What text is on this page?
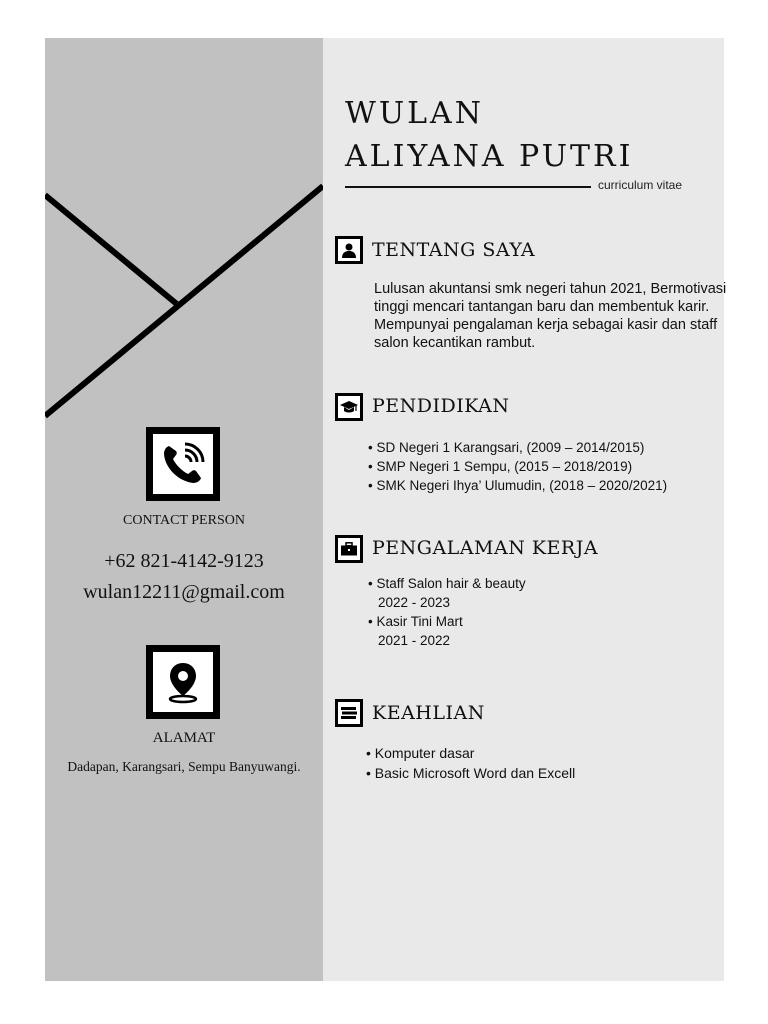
CONTACT PERSON
+62 821-4142-9123
wulan12211@gmail.com
ALAMAT
Dadapan, Karangsari, Sempu Banyuwangi.
WULAN
ALIYANA PUTRI
curriculum vitae
TENTANG SAYA
Lulusan akuntansi smk negeri tahun 2021, Bermotivasi tinggi mencari tantangan baru dan membentuk karir. Mempunyai pengalaman kerja sebagai kasir dan staff salon kecantikan rambut.
PENDIDIKAN
• SD Negeri 1 Karangsari, (2009 – 2014/2015)
• SMP Negeri 1 Sempu, (2015 – 2018/2019)
• SMK Negeri Ihya’ Ulumudin, (2018 – 2020/2021)
PENGALAMAN KERJA
• Staff Salon hair & beauty
2022 - 2023
• Kasir Tini Mart
2021 - 2022
KEAHLIAN
• Komputer dasar
• Basic Microsoft Word dan Excell
